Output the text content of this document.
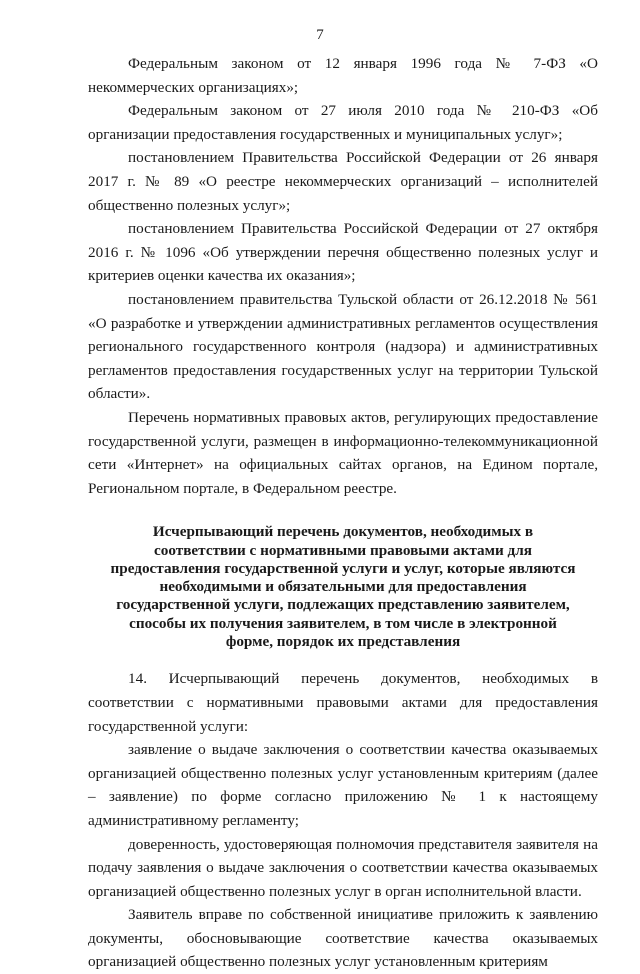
7

Федеральным законом от 12 января 1996 года № 7-ФЗ «О некоммерческих организациях»;

Федеральным законом от 27 июля 2010 года № 210-ФЗ «Об организации предоставления государственных и муниципальных услуг»;

постановлением Правительства Российской Федерации от 26 января 2017 г. № 89 «О реестре некоммерческих организаций – исполнителей общественно полезных услуг»;

постановлением Правительства Российской Федерации от 27 октября 2016 г. № 1096 «Об утверждении перечня общественно полезных услуг и критериев оценки качества их оказания»;

постановлением правительства Тульской области от 26.12.2018 № 561 «О разработке и утверждении административных регламентов осуществления регионального государственного контроля (надзора) и административных регламентов предоставления государственных услуг на территории Тульской области».

Перечень нормативных правовых актов, регулирующих предоставление государственной услуги, размещен в информационно-телекоммуникационной сети «Интернет» на официальных сайтах органов, на Едином портале, Региональном портале, в Федеральном реестре.

Исчерпывающий перечень документов, необходимых в соответствии с нормативными правовыми актами для предоставления государственной услуги и услуг, которые являются необходимыми и обязательными для предоставления государственной услуги, подлежащих представлению заявителем, способы их получения заявителем, в том числе в электронной форме, порядок их представления

14. Исчерпывающий перечень документов, необходимых в соответствии с нормативными правовыми актами для предоставления государственной услуги:

заявление о выдаче заключения о соответствии качества оказываемых организацией общественно полезных услуг установленным критериям (далее – заявление) по форме согласно приложению № 1 к настоящему административному регламенту;

доверенность, удостоверяющая полномочия представителя заявителя на подачу заявления о выдаче заключения о соответствии качества оказываемых организацией общественно полезных услуг в орган исполнительной власти.

Заявитель вправе по собственной инициативе приложить к заявлению документы, обосновывающие соответствие качества оказываемых организацией общественно полезных услуг установленным критериям
